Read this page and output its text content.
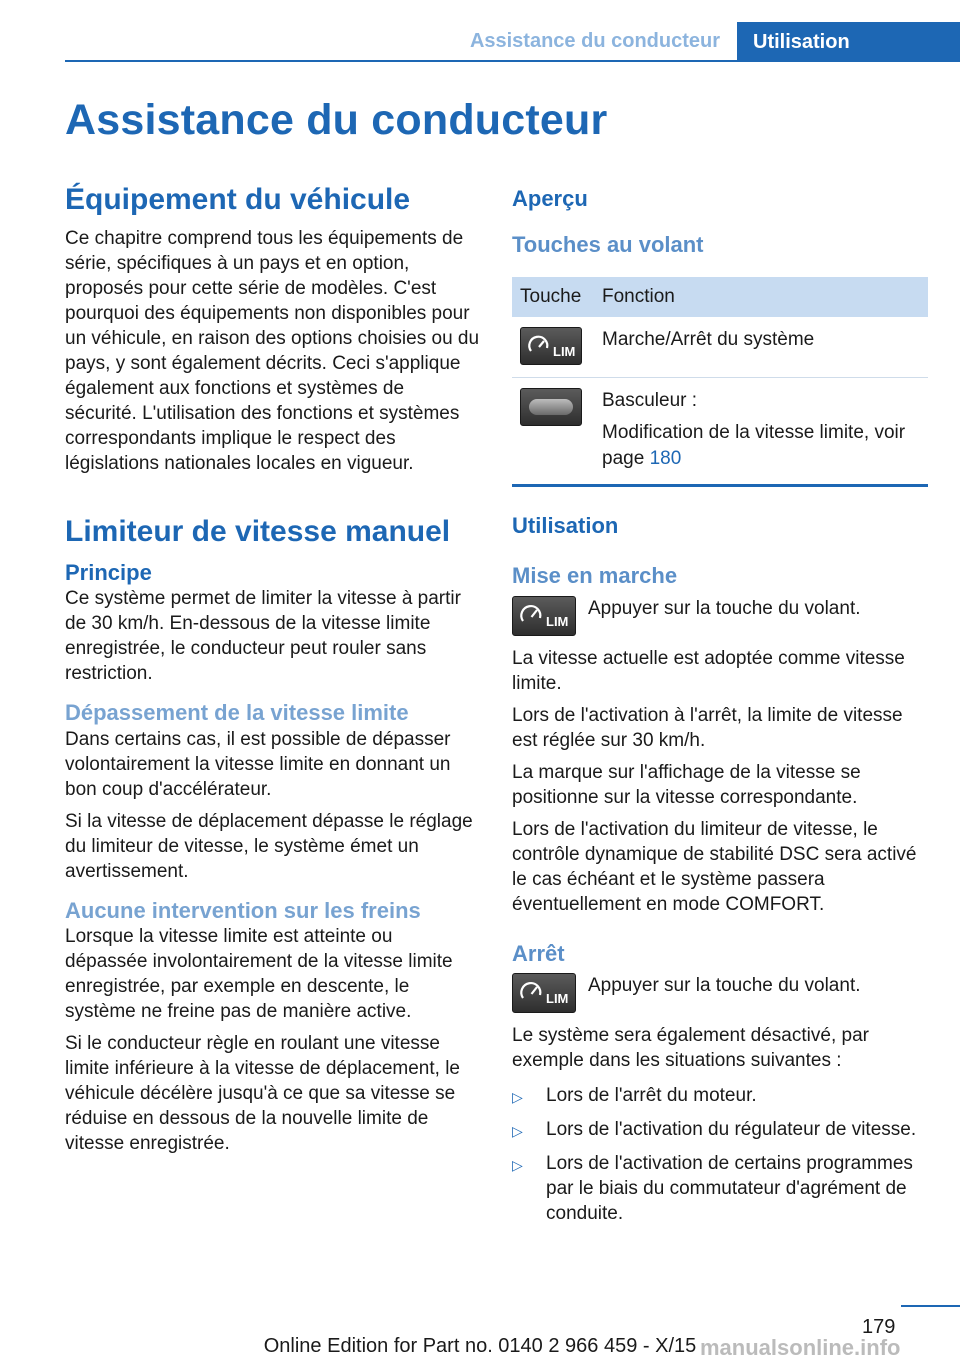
Assistance du conducteur	Utilisation
Assistance du conducteur
Équipement du véhicule

Ce chapitre comprend tous les équipements de série, spécifiques à un pays et en option, proposés pour cette série de modèles. C'est pourquoi des équipements non disponibles pour un véhicule, en raison des options choisies ou du pays, y sont également décrits. Ceci s'applique également aux fonctions et systèmes de sécurité. L'utilisation des fonctions et systèmes correspondants implique le respect des législations nationales locales en vigueur.

Limiteur de vitesse manuel
Principe

Ce système permet de limiter la vitesse à partir de 30 km/h. En-dessous de la vitesse limite enregistrée, le conducteur peut rouler sans restriction.

Dépassement de la vitesse limite

Dans certains cas, il est possible de dépasser volontairement la vitesse limite en donnant un bon coup d'accélérateur.

Si la vitesse de déplacement dépasse le réglage du limiteur de vitesse, le système émet un avertissement.

Aucune intervention sur les freins

Lorsque la vitesse limite est atteinte ou dépassée involontairement de la vitesse limite enregistrée, par exemple en descente, le système ne freine pas de manière active.

Si le conducteur règle en roulant une vitesse limite inférieure à la vitesse de déplacement, le véhicule décélère jusqu'à ce que sa vitesse se réduise en dessous de la nouvelle limite de vitesse enregistrée.

Aperçu
Touches au volant
Touche	Fonction

LIM	Marche/Arrêt du système

	Basculeur :
Modification de la vitesse limite, voir page 180
Utilisation
Mise en marche
LIM

Appuyer sur la touche du volant.

La vitesse actuelle est adoptée comme vitesse limite.

Lors de l'activation à l'arrêt, la limite de vitesse est réglée sur 30 km/h.

La marque sur l'affichage de la vitesse se positionne sur la vitesse correspondante.

Lors de l'activation du limiteur de vitesse, le contrôle dynamique de stabilité DSC sera activé le cas échéant et le système passera éventuellement en mode COMFORT.

Arrêt
LIM

Appuyer sur la touche du volant.

Le système sera également désactivé, par exemple dans les situations suivantes :

▷	Lors de l'arrêt du moteur.
▷	Lors de l'activation du régulateur de vitesse.
▷	Lors de l'activation de certains programmes par le biais du commutateur d'agrément de conduite.
179
Online Edition for Part no. 0140 2 966 459 - X/15 manualsonline.info
